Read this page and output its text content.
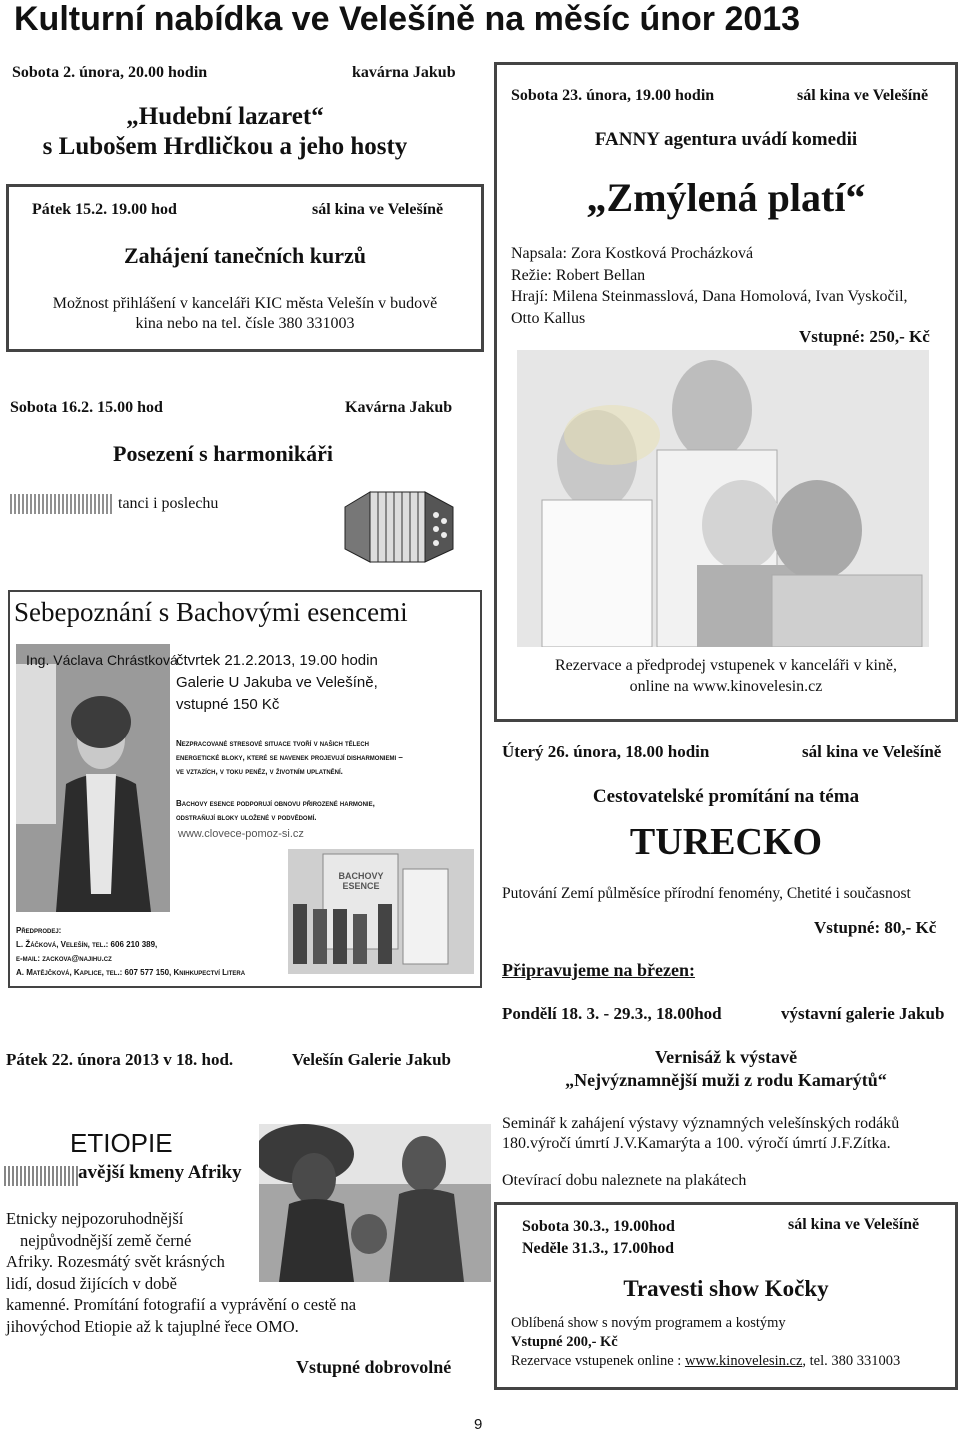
Kulturní nabídka ve Velešíně na měsíc únor 2013
Sobota 2. února, 20.00 hodin	kavárna Jakub
„Hudební lazaret“
s Lubošem Hrdličkou a jeho hosty
Pátek 15.2. 19.00 hod	sál kina ve Velešíně
Zahájení tanečních kurzů
Možnost přihlášení v kanceláři KIC města Velešín v budově
kina nebo na tel. čísle 380 331003
Sobota 23. února, 19.00 hodin	sál kina ve Velešíně
FANNY agentura uvádí komedii
„Zmýlená platí“
Napsala: Zora Kostková Procházková
Režie: Robert Bellan
Hrají: Milena Steinmasslová, Dana Homolová, Ivan Vyskočil,
Otto Kallus
Vstupné: 250,- Kč
Rezervace a předprodej vstupenek v kanceláři v kině,
online na www.kinovelesin.cz
Sobota 16.2. 15.00 hod	Kavárna Jakub
Posezení s harmonikáři
tanci i poslechu
Sebepoznání s Bachovými esencemi
Ing. Václava Chrástková
čtvrtek 21.2.2013, 19.00 hodin
Galerie U Jakuba ve Velešíně,
vstupné 150 Kč
Nezpracované stresové situace tvoří v našich tělech
energetické bloky, které se navenek projevují disharmoniemi –
ve vztazích, v toku peněz, v životním uplatnění.
Bachovy esence podporují obnovu přirozené harmonie,
odstraňují bloky uložené v podvědomí.
www.clovece-pomoz-si.cz
BACHOVY ESENCE
Předprodej:
L. Žáčková, Velešín, tel.: 606 210 389,
e-mail: zackova@najihu.cz
A. Matějčková, Kaplice, tel.: 607 577 150, Knihkupectví Litera
Úterý 26. února, 18.00 hodin	sál kina ve Velešíně
Cestovatelské promítání na téma
TURECKO
Putování Zemí půlměsíce přírodní fenomény, Chetité i současnost
Vstupné: 80,- Kč
Připravujeme na březen:
Pondělí 18. 3. - 29.3., 18.00hod	výstavní galerie Jakub
Vernisáž k výstavě
„Nejvýznamnější muži z rodu Kamarýtů“
Seminář k zahájení výstavy významných velešínských rodáků
180.výročí úmrtí J.V.Kamarýta a 100. výročí úmrtí J.F.Zítka.
Otevírací dobu naleznete na plakátech
Pátek 22. února 2013 v 18. hod.	Velešín Galerie Jakub
ETIOPIE
avější kmeny Afriky
Etnicky nejpozoruhodnější
nejpůvodnější země černé
Afriky. Rozesmátý svět krásných
lidí, dosud žijících v době
kamenné. Promítání fotografií a vyprávění o cestě na
jihovýchod Etiopie až k tajuplné řece OMO.
Vstupné dobrovolné
Sobota 30.3., 19.00hod
Neděle 31.3., 17.00hod
sál kina ve Velešíně
Travesti show Kočky
Oblíbená show s novým programem a kostýmy
Vstupné 200,- Kč
Rezervace vstupenek online : www.kinovelesin.cz, tel. 380 331003
9
